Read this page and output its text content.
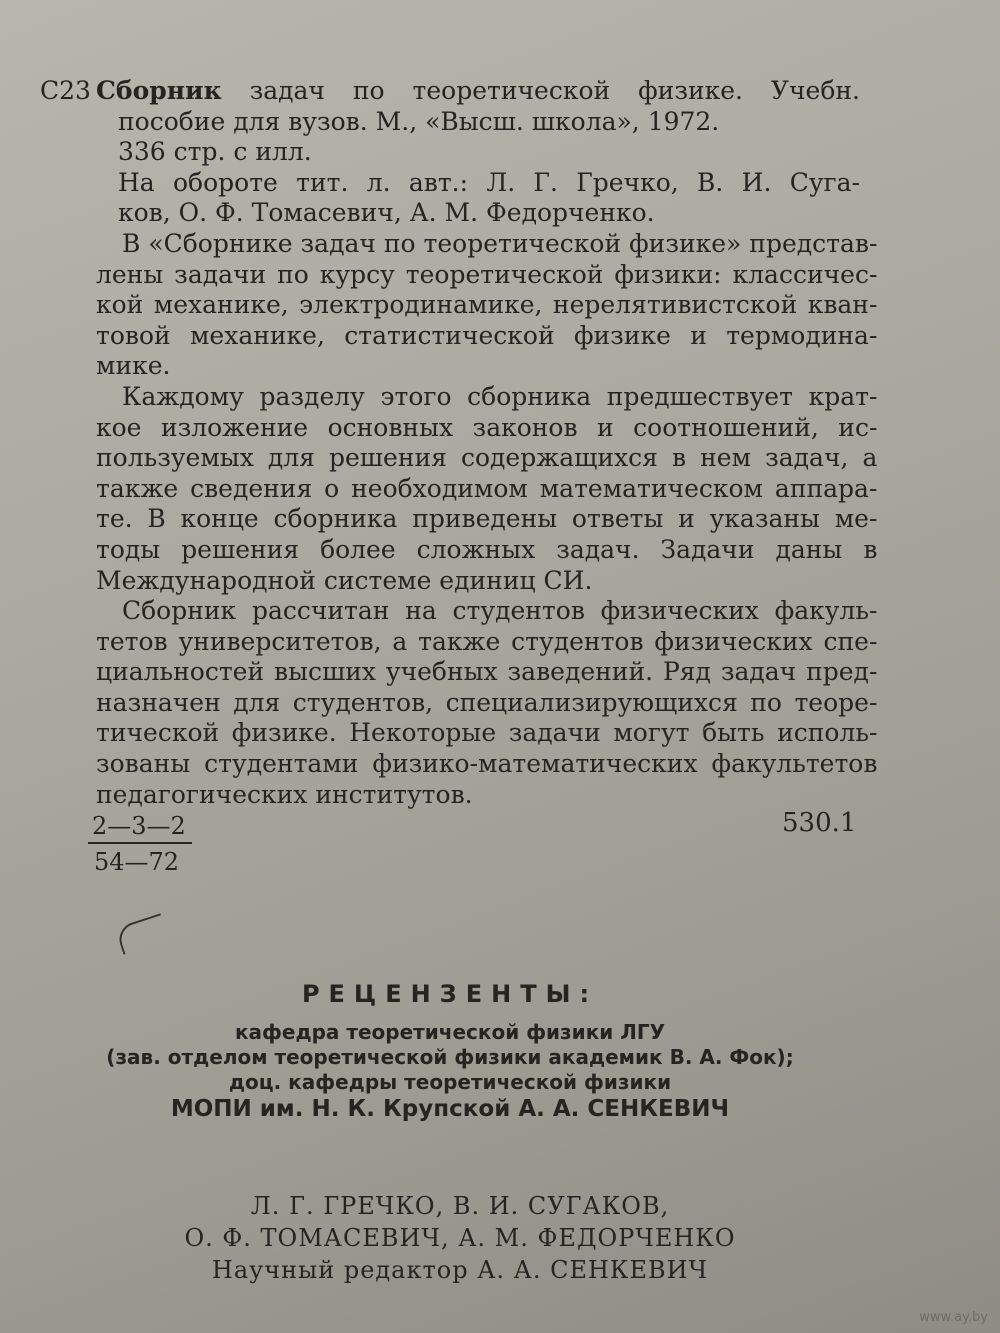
С23 Сборник задач по теоретической физике. Учебн.
пособие для вузов. М., «Высш. школа», 1972.
336 стр. с илл.
На обороте тит. л. авт.: Л. Г. Гречко, В. И. Суга-
ков, О. Ф. Томасевич, А. М. Федорченко.
В «Сборнике задач по теоретической физике» представ-
лены задачи по курсу теоретической физики: классичес-
кой механике, электродинамике, нерелятивистской кван-
товой механике, статистической физике и термодина-
мике.
Каждому разделу этого сборника предшествует крат-
кое изложение основных законов и соотношений, ис-
пользуемых для решения содержащихся в нем задач, а
также сведения о необходимом математическом аппара-
те. В конце сборника приведены ответы и указаны ме-
тоды решения более сложных задач. Задачи даны в
Международной системе единиц СИ.
Сборник рассчитан на студентов физических факуль-
тетов университетов, а также студентов физических спе-
циальностей высших учебных заведений. Ряд задач пред-
назначен для студентов, специализирующихся по теоре-
тической физике. Некоторые задачи могут быть исполь-
зованы студентами физико-математических факультетов
педагогических институтов.
$\frac{2—3—2}{54—72}$	530.1
РЕЦЕНЗЕНТЫ:
кафедра теоретической физики ЛГУ
(зав. отделом теоретической физики академик В. А. Фок);
доц. кафедры теоретической физики
МОПИ им. Н. К. Крупской А. А. СЕНКЕВИЧ
Л. Г. ГРЕЧКО, В. И. СУГАКОВ,
О. Ф. ТОМАСЕВИЧ, А. М. ФЕДОРЧЕНКО
Научный редактор А. А. СЕНКЕВИЧ
www.ay.by
